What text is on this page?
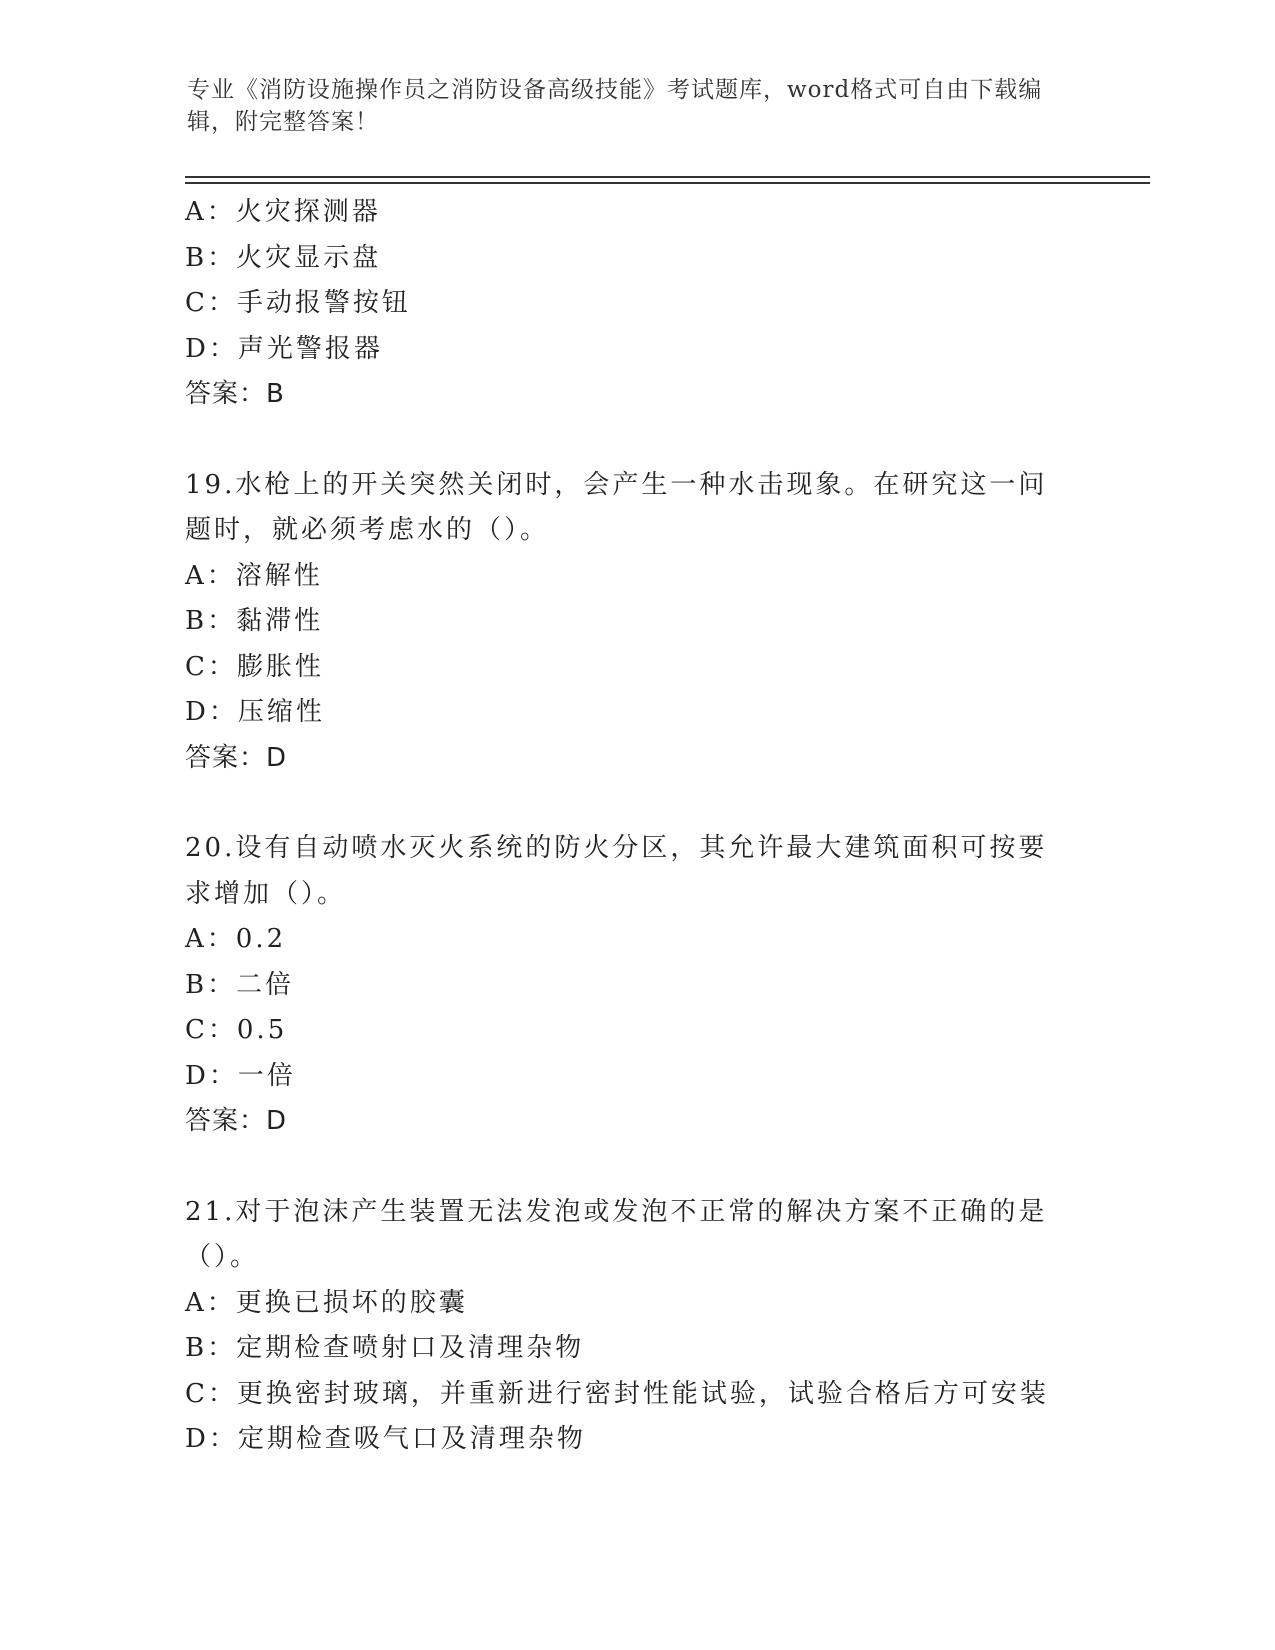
专业《消防设施操作员之消防设备高级技能》考试题库，word格式可自由下载编辑，附完整答案！
A：火灾探测器
B：火灾显示盘
C：手动报警按钮
D：声光警报器
答案：B
19.水枪上的开关突然关闭时，会产生一种水击现象。在研究这一问题时，就必须考虑水的（）。
A：溶解性
B：黏滞性
C：膨胀性
D：压缩性
答案：D
20.设有自动喷水灭火系统的防火分区，其允许最大建筑面积可按要求增加（）。
A：0.2
B：二倍
C：0.5
D：一倍
答案：D
21.对于泡沫产生装置无法发泡或发泡不正常的解决方案不正确的是（）。
A：更换已损坏的胶囊
B：定期检查喷射口及清理杂物
C：更换密封玻璃，并重新进行密封性能试验，试验合格后方可安装
D：定期检查吸气口及清理杂物
